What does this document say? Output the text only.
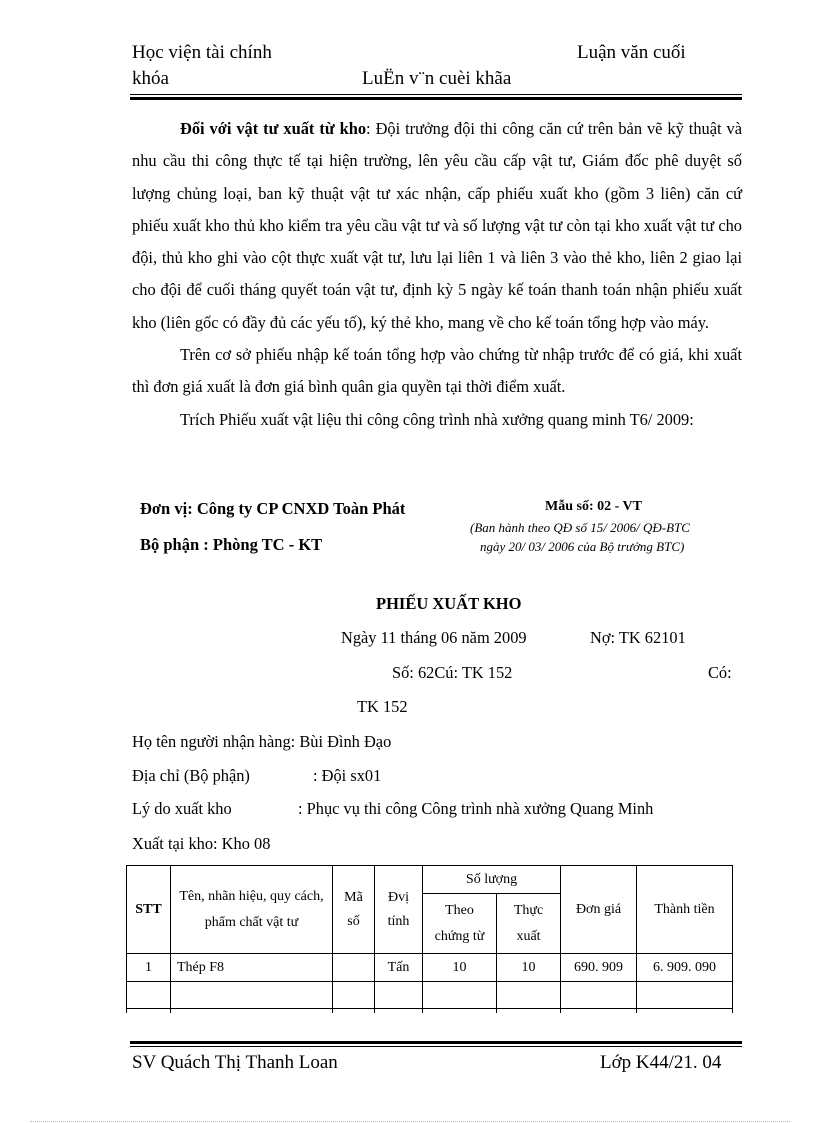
Học viện tài chính	Luận văn cuối
khóa	LuËn v¨n cuèi khãa

Đối với vật tư xuất từ kho: Đội trưởng đội thi công căn cứ trên bản vẽ kỹ thuật và nhu cầu thi công thực tế tại hiện trường, lên yêu cầu cấp vật tư, Giám đốc phê duyệt số lượng chủng loại, ban kỹ thuật vật tư xác nhận, cấp phiếu xuất kho (gồm 3 liên) căn cứ phiếu xuất kho thủ kho kiểm tra yêu cầu vật tư và số lượng vật tư còn tại kho xuất vật tư cho đội, thủ kho ghi vào cột thực xuất vật tư, lưu lại liên 1 và liên 3 vào thẻ kho, liên 2 giao lại cho đội để cuối tháng quyết toán vật tư, định kỳ 5 ngày kế toán thanh toán nhận phiếu xuất kho (liên gốc có đầy đủ các yếu tố), ký thẻ kho, mang về cho kế toán tổng hợp vào máy.

Trên cơ sở phiếu nhập kế toán tổng hợp vào chứng từ nhập trước để có giá, khi xuất thì đơn giá xuất là đơn giá bình quân gia quyền tại thời điểm xuất.

Trích Phiếu xuất vật liệu thi công công trình nhà xưởng quang minh T6/ 2009:

Đơn vị: Công ty CP CNXD Toàn Phát
Bộ phận : Phòng TC - KT
Mẫu số: 02 - VT
(Ban hành theo QĐ số 15/ 2006/ QĐ-BTC
ngày 20/ 03/ 2006 của Bộ trưởng BTC)
PHIẾU XUẤT KHO
Ngày 11 tháng 06 năm 2009	Nợ: TK 62101
Số: 62Cú: TK 152	Có:
TK 152
Họ tên người nhận hàng: Bùi Đình Đạo
Địa chỉ (Bộ phận)	: Đội sx01
Lý do xuất kho	: Phục vụ thi công Công trình nhà xưởng Quang Minh
Xuất tại kho: Kho 08
STT	Tên, nhãn hiệu, quy cách, phẩm chất vật tư	Mã số	Đvị tính	Số lượng		Đơn giá	Thành tiền
				Theo chứng từ	Thực xuất		
1	Thép F8		Tấn	10	10	690. 909	6. 909. 090

SV Quách Thị Thanh Loan	Lớp K44/21. 04
